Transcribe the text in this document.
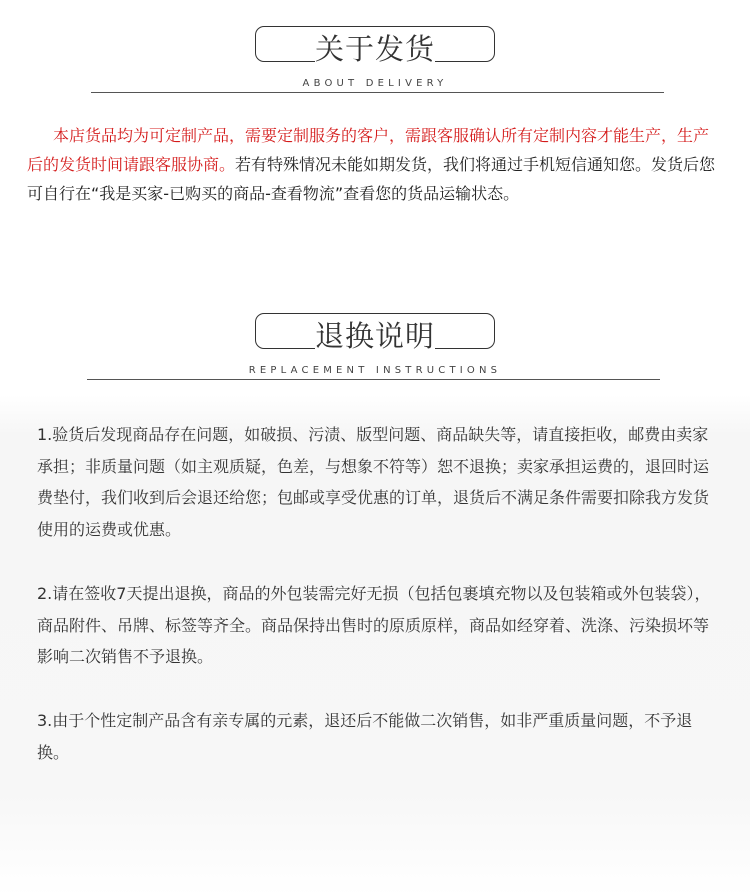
关于发货
ABOUT DELIVERY
本店货品均为可定制产品，需要定制服务的客户，需跟客服确认所有定制内容才能生产，生产后的发货时间请跟客服协商。若有特殊情况未能如期发货，我们将通过手机短信通知您。发货后您可自行在“我是买家-已购买的商品-查看物流”查看您的货品运输状态。
退换说明
REPLACEMENT INSTRUCTIONS
1.验货后发现商品存在问题，如破损、污渍、版型问题、商品缺失等，请直接拒收，邮费由卖家承担；非质量问题（如主观质疑，色差，与想象不符等）恕不退换；卖家承担运费的，退回时运费垫付，我们收到后会退还给您；包邮或享受优惠的订单，退货后不满足条件需要扣除我方发货使用的运费或优惠。
2.请在签收7天提出退换，商品的外包装需完好无损（包括包裹填充物以及包装箱或外包装袋），商品附件、吊牌、标签等齐全。商品保持出售时的原质原样，商品如经穿着、洗涤、污染损坏等影响二次销售不予退换。
3.由于个性定制产品含有亲专属的元素，退还后不能做二次销售，如非严重质量问题，不予退换。
